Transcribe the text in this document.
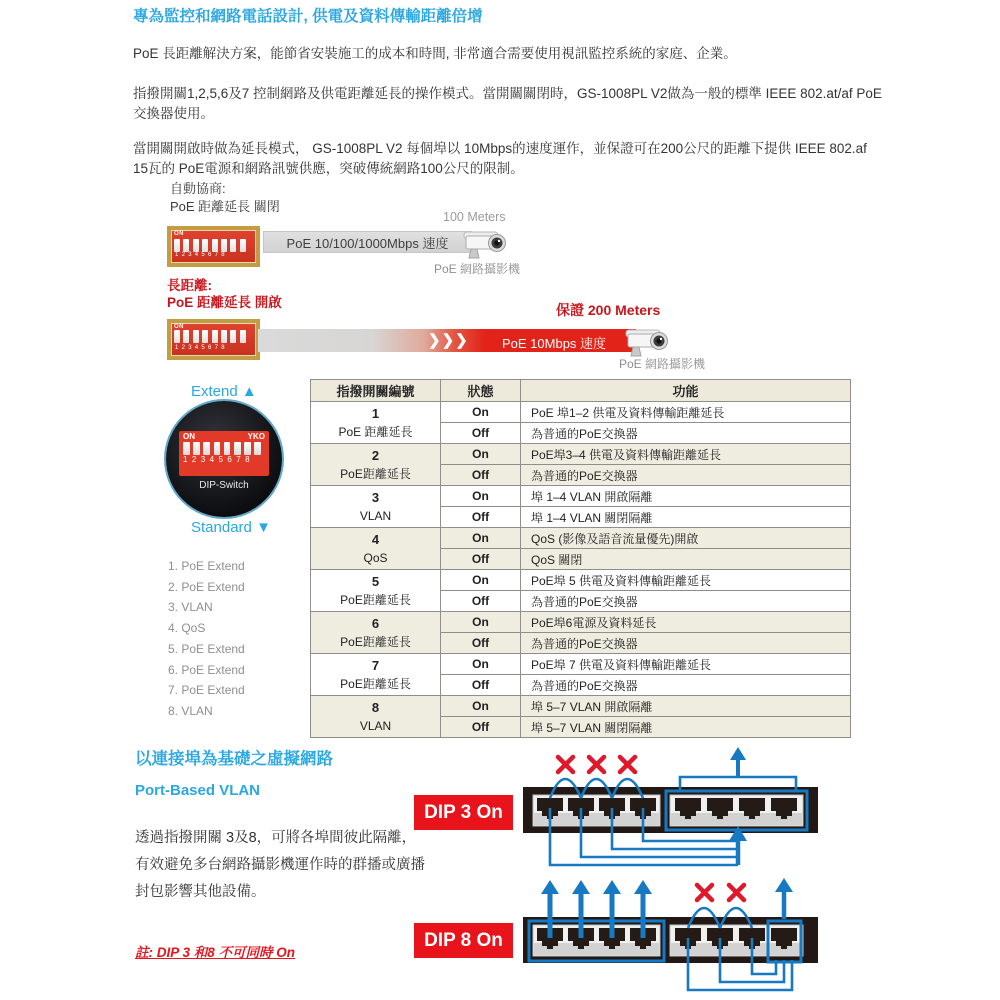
專為監控和網路電話設計, 供電及資料傳輸距離倍增
PoE 長距離解決方案，能節省安裝施工的成本和時間, 非常適合需要使用視訊監控系統的家庭、企業。
指撥開關1,2,5,6及7 控制網路及供電距離延長的操作模式。當開關關閉時，GS-1008PL V2做為一般的標準 IEEE 802.at/af PoE交換器使用。
當開關開啟時做為延長模式， GS-1008PL V2 每個埠以 10Mbps的速度運作，並保證可在200公尺的距離下提供 IEEE 802.af 15瓦的 PoE電源和網路訊號供應，突破傳統網路100公尺的限制。
自動協商:
PoE 距離延長 關閉
ON
1 2 3 4 5 6 7 8
PoE 10/100/1000Mbps 速度
100 Meters
PoE 網路攝影機
長距離:
PoE 距離延長 開啟
ON
1 2 3 4 5 6 7 8	❯❯❯	PoE 10Mbps 速度
保證 200 Meters
PoE 網路攝影機
Extend ▲
ON	YKO
1 2 3 4 5 6 7 8
DIP-Switch
Standard ▼
1. PoE Extend
2. PoE Extend
3. VLAN
4. QoS
5. PoE Extend
6. PoE Extend
7. PoE Extend
8. VLAN
指撥開關編號	狀態	功能

1
PoE 距離延長	On	PoE 埠1–2 供電及資料傳輸距離延長
	Off	為普通的PoE交換器

2
PoE距離延長	On	PoE埠3–4 供電及資料傳輸距離延長
	Off	為普通的PoE交換器

3
VLAN	On	埠 1–4 VLAN 開啟隔離
	Off	埠 1–4 VLAN 關閉隔離

4
QoS	On	QoS (影像及語音流量優先)開啟
	Off	QoS 關閉

5
PoE距離延長	On	PoE埠 5 供電及資料傳輸距離延長
	Off	為普通的PoE交換器

6
PoE距離延長	On	PoE埠6電源及資料延長
	Off	為普通的PoE交換器

7
PoE距離延長	On	PoE埠 7 供電及資料傳輸距離延長
	Off	為普通的PoE交換器

8
VLAN	On	埠 5–7 VLAN 開啟隔離
	Off	埠 5–7 VLAN 關閉隔離
以連接埠為基礎之虛擬網路
Port-Based VLAN
透過指撥開關 3及8，可將各埠間彼此隔離，有效避免多台網路攝影機運作時的群播或廣播封包影響其他設備。
註: DIP 3 和8 不可同時 On
DIP 3 On
DIP 8 On
